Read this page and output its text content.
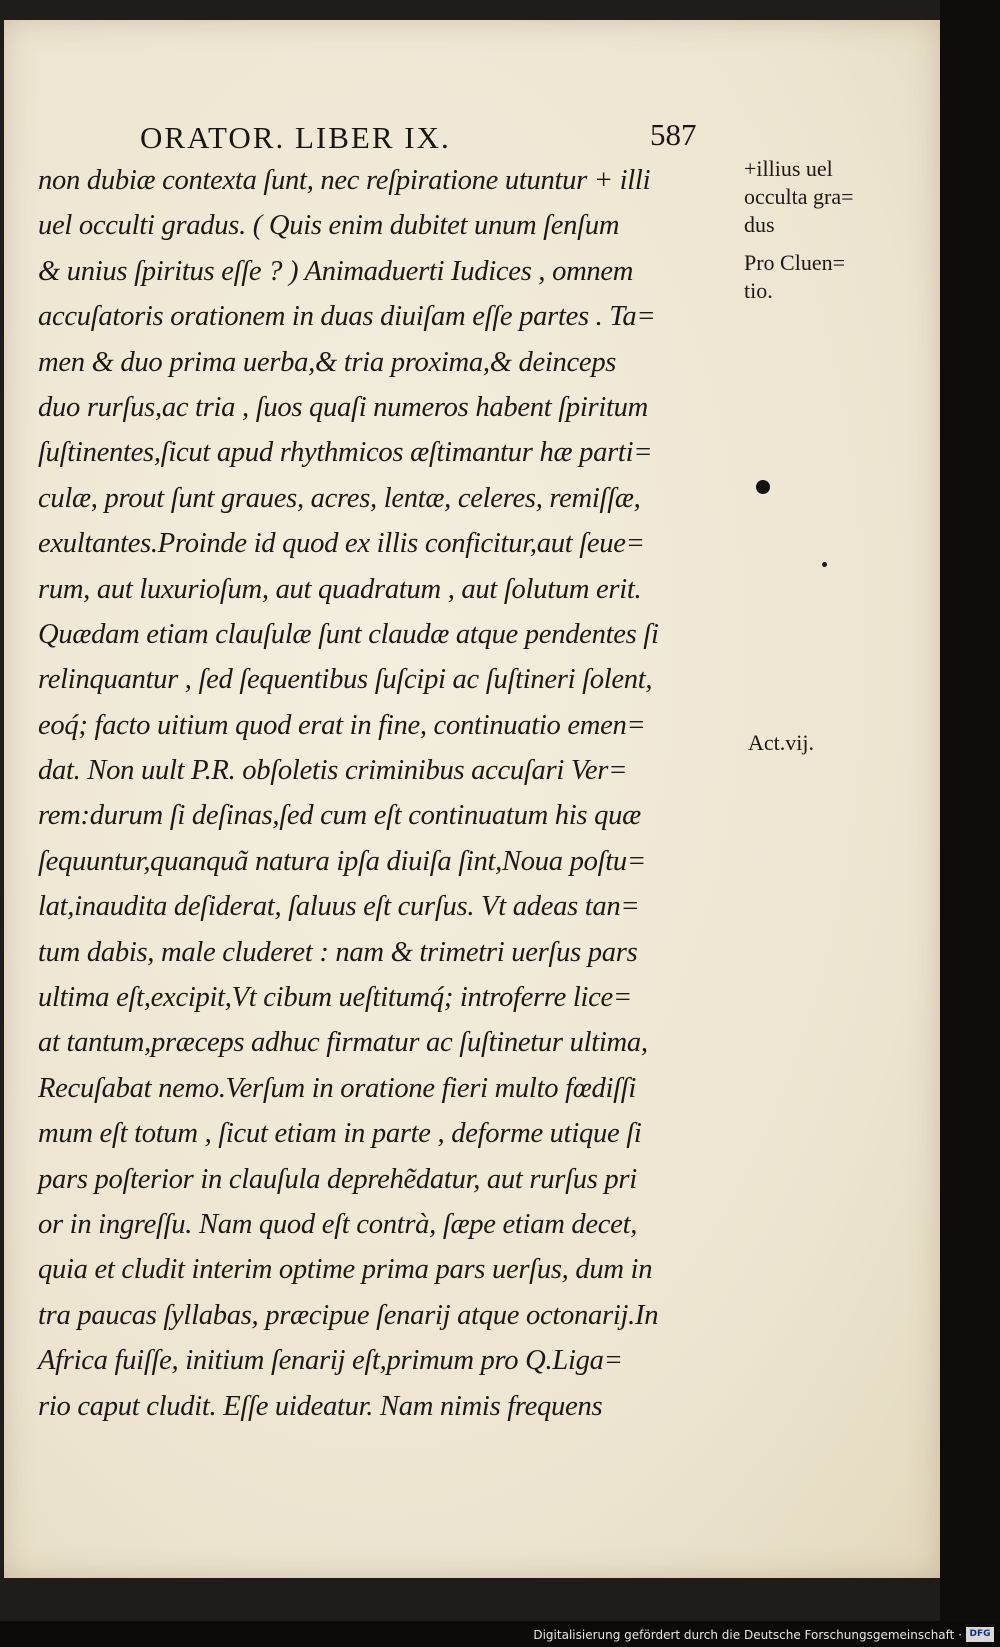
ORATOR. LIBER IX.	587
non dubiæ contexta ſunt, nec reſpiratione utuntur + illi
uel occulti gradus. ( Quis enim dubitet unum ſenſum
& unius ſpiritus eſſe ? ) Animaduerti Iudices , omnem
accuſatoris orationem in duas diuiſam eſſe partes . Ta=
men & duo prima uerba,& tria proxima,& deinceps
duo rurſus,ac tria , ſuos quaſi numeros habent ſpiritum
ſuſtinentes,ſicut apud rhythmicos æſtimantur hæ parti=
culæ, prout ſunt graues, acres, lentæ, celeres, remiſſæ,
exultantes.Proinde id quod ex illis conficitur,aut ſeue=
rum, aut luxurioſum, aut quadratum , aut ſolutum erit.
Quædam etiam clauſulæ ſunt claudæ atque pendentes ſi
relinquantur , ſed ſequentibus ſuſcipi ac ſuſtineri ſolent,
eoq́; facto uitium quod erat in fine, continuatio emen=
dat. Non uult P.R. obſoletis criminibus accuſari Ver=
rem:durum ſi deſinas,ſed cum eſt continuatum his quæ
ſequuntur,quanquã natura ipſa diuiſa ſint,Noua poſtu=
lat,inaudita deſiderat, ſaluus eſt curſus. Vt adeas tan=
tum dabis, male cluderet : nam & trimetri uerſus pars
ultima eſt,excipit,Vt cibum ueſtitumq́; introferre lice=
at tantum,præceps adhuc firmatur ac ſuſtinetur ultima,
Recuſabat nemo.Verſum in oratione fieri multo fœdiſſi
mum eſt totum , ſicut etiam in parte , deforme utique ſi
pars poſterior in clauſula deprehẽdatur, aut rurſus pri
or in ingreſſu. Nam quod eſt contrà, ſæpe etiam decet,
quia et cludit interim optime prima pars uerſus, dum in
tra paucas ſyllabas, præcipue ſenarij atque octonarij.In
Africa fuiſſe, initium ſenarij eſt,primum pro Q.Liga=
rio caput cludit. Eſſe uideatur. Nam nimis frequens
+illius uel
occulta gra=
dus
Pro Cluen=
tio.
Act.vij.
Digitalisierung gefördert durch die Deutsche Forschungsgemeinschaft · DFG
